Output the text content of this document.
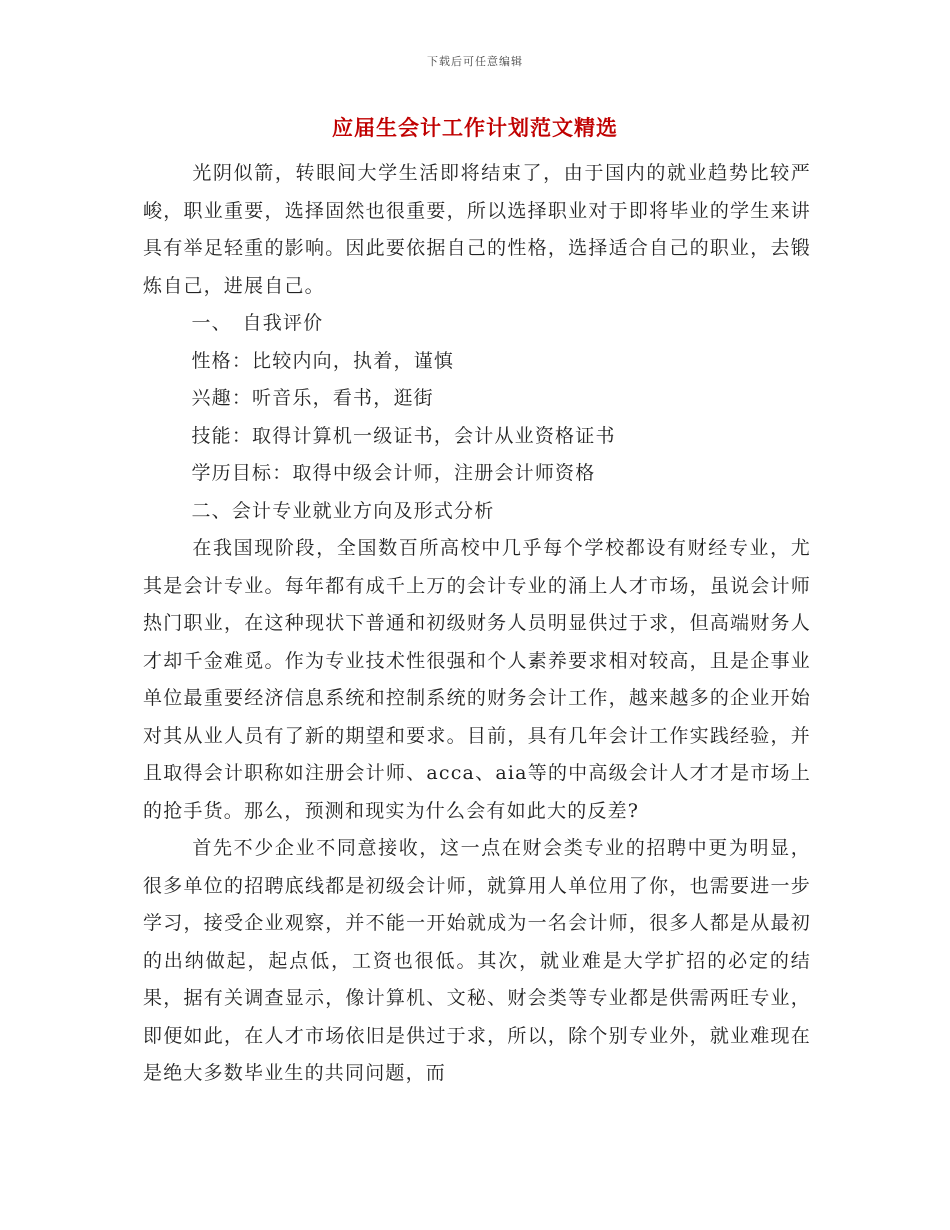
下载后可任意编辑
应届生会计工作计划范文精选

光阴似箭，转眼间大学生活即将结束了，由于国内的就业趋势比较严峻，职业重要，选择固然也很重要，所以选择职业对于即将毕业的学生来讲具有举足轻重的影响。因此要依据自己的性格，选择适合自己的职业，去锻炼自己，进展自己。

一、　自我评价

性格：比较内向，执着，谨慎

兴趣：听音乐，看书，逛街

技能：取得计算机一级证书，会计从业资格证书

学历目标：取得中级会计师，注册会计师资格

二、会计专业就业方向及形式分析

在我国现阶段，全国数百所高校中几乎每个学校都设有财经专业，尤其是会计专业。每年都有成千上万的会计专业的涌上人才市场，虽说会计师热门职业，在这种现状下普通和初级财务人员明显供过于求，但高端财务人才却千金难觅。作为专业技术性很强和个人素养要求相对较高，且是企事业单位最重要经济信息系统和控制系统的财务会计工作，越来越多的企业开始对其从业人员有了新的期望和要求。目前，具有几年会计工作实践经验，并且取得会计职称如注册会计师、acca、aia等的中高级会计人才才是市场上的抢手货。那么，预测和现实为什么会有如此大的反差?

首先不少企业不同意接收，这一点在财会类专业的招聘中更为明显，很多单位的招聘底线都是初级会计师，就算用人单位用了你，也需要进一步学习，接受企业观察，并不能一开始就成为一名会计师，很多人都是从最初的出纳做起，起点低，工资也很低。其次，就业难是大学扩招的必定的结果，据有关调查显示，像计算机、文秘、财会类等专业都是供需两旺专业，即便如此，在人才市场依旧是供过于求，所以，除个别专业外，就业难现在是绝大多数毕业生的共同问题，而
